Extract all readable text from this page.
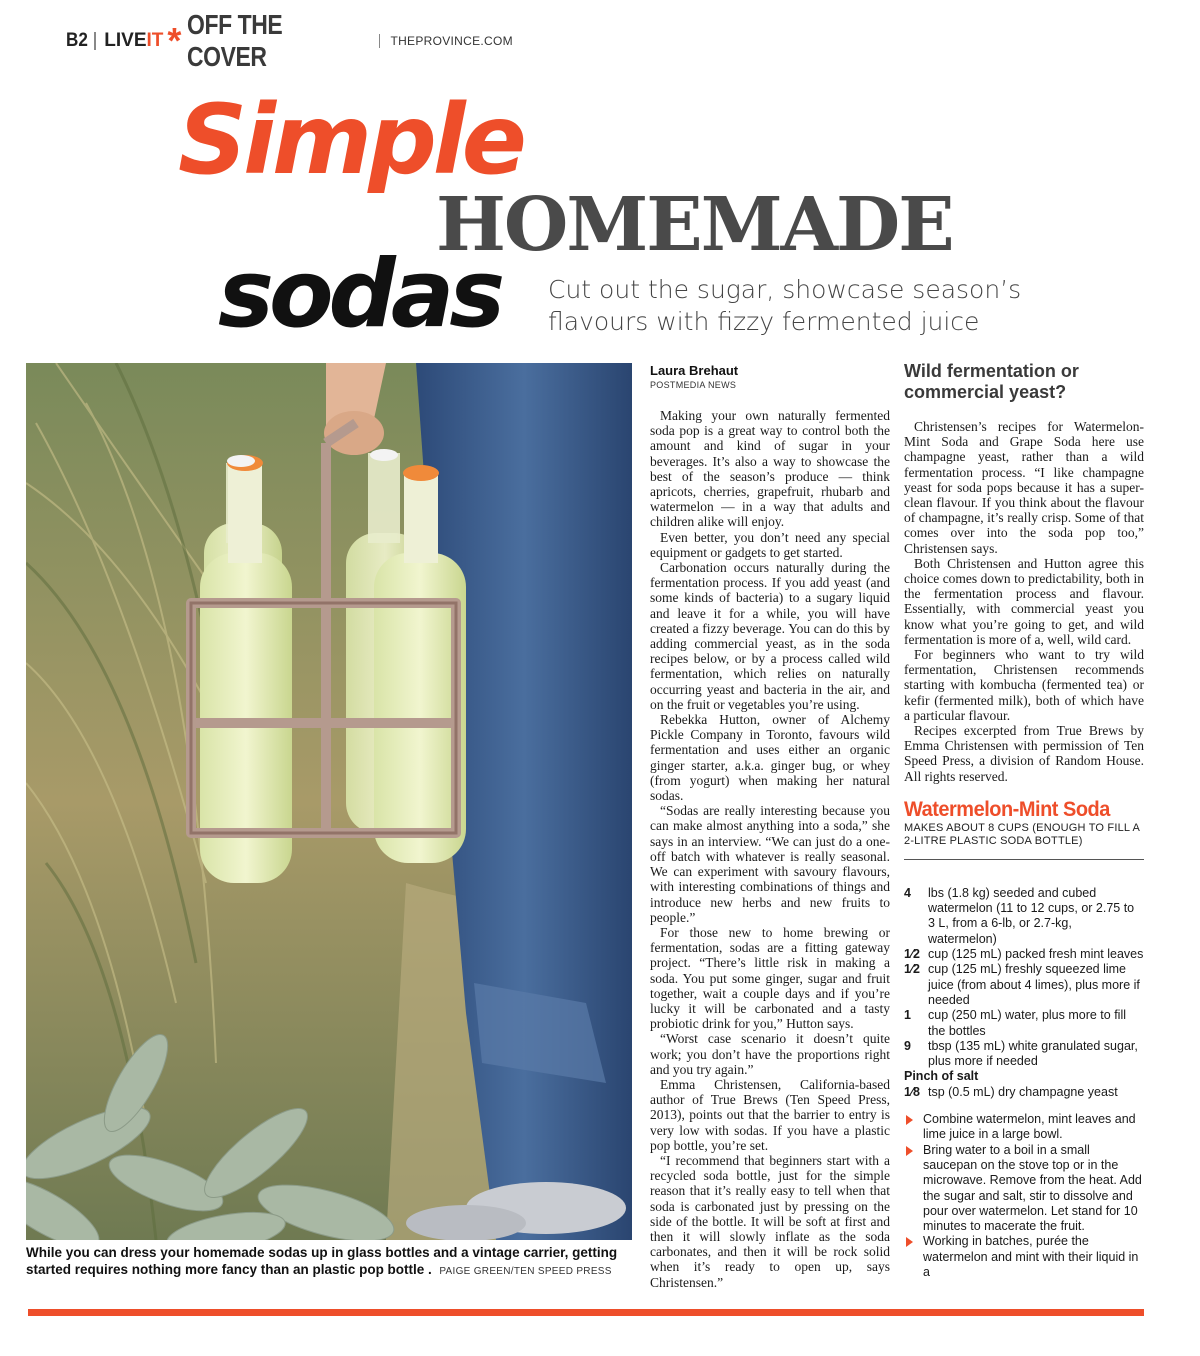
B2 LIVEIT * OFF THE COVER	THEPROVINCE.COM
Simple
HOMEMADE
sodas Cut out the sugar, showcase season’s flavours with fizzy fermented juice
While you can dress your homemade sodas up in glass bottles and a vintage carrier, getting started requires nothing more fancy than an plastic pop bottle . PAIGE GREEN/TEN SPEED PRESS
Laura Brehaut
POSTMEDIA NEWS

Making your own naturally fermented soda pop is a great way to control both the amount and kind of sugar in your beverages. It’s also a way to showcase the best of the season’s produce — think apricots, cherries, grapefruit, rhubarb and watermelon — in a way that adults and children alike will enjoy.

Even better, you don’t need any special equipment or gadgets to get started.

Carbonation occurs naturally during the fermentation process. If you add yeast (and some kinds of bacteria) to a sugary liquid and leave it for a while, you will have created a fizzy beverage. You can do this by adding commercial yeast, as in the soda recipes below, or by a process called wild fermentation, which relies on naturally occurring yeast and bacteria in the air, and on the fruit or vegetables you’re using.

Rebekka Hutton, owner of Alchemy Pickle Company in Toronto, favours wild fermentation and uses either an organic ginger starter, a.k.a. ginger bug, or whey (from yogurt) when making her natural sodas.

“Sodas are really interesting because you can make almost anything into a soda,” she says in an interview. “We can just do a one-off batch with whatever is really seasonal. We can experiment with savoury flavours, with interesting combinations of things and introduce new herbs and new fruits to people.”

For those new to home brewing or fermentation, sodas are a fitting gateway project. “There’s little risk in making a soda. You put some ginger, sugar and fruit together, wait a couple days and if you’re lucky it will be carbonated and a tasty probiotic drink for you,” Hutton says.

“Worst case scenario it doesn’t quite work; you don’t have the proportions right and you try again.”

Emma Christensen, California-based author of True Brews (Ten Speed Press, 2013), points out that the barrier to entry is very low with sodas. If you have a plastic pop bottle, you’re set.

“I recommend that beginners start with a recycled soda bottle, just for the simple reason that it’s really easy to tell when that soda is carbonated just by pressing on the side of the bottle. It will be soft at first and then it will slowly inflate as the soda carbonates, and then it will be rock solid when it’s ready to open up, says Christensen.”

Wild fermentation or commercial yeast?

Christensen’s recipes for Watermelon-Mint Soda and Grape Soda here use champagne yeast, rather than a wild fermentation process. “I like champagne yeast for soda pops because it has a super-clean flavour. If you think about the flavour of champagne, it’s really crisp. Some of that comes over into the soda pop too,” Christensen says.

Both Christensen and Hutton agree this choice comes down to predictability, both in the fermentation process and flavour. Essentially, with commercial yeast you know what you’re going to get, and wild fermentation is more of a, well, wild card.

For beginners who want to try wild fermentation, Christensen recommends starting with kombucha (fermented tea) or kefir (fermented milk), both of which have a particular flavour.

Recipes excerpted from True Brews by Emma Christensen with permission of Ten Speed Press, a division of Random House. All rights reserved.

Watermelon-Mint Soda
MAKES ABOUT 8 CUPS (ENOUGH TO FILL A 2-LITRE PLASTIC SODA BOTTLE)
4	lbs (1.8 kg) seeded and cubed watermelon (11 to 12 cups, or 2.75 to 3 L, from a 6-lb, or 2.7-kg, watermelon)
1⁄2 cup (125 mL) packed fresh mint leaves
1⁄2 cup (125 mL) freshly squeezed lime juice (from about 4 limes), plus more if needed
1	cup (250 mL) water, plus more to fill the bottles
9	tbsp (135 mL) white granulated sugar, plus more if needed
Pinch of salt
1⁄8 tsp (0.5 mL) dry champagne yeast
Combine watermelon, mint leaves and lime juice in a large bowl.
Bring water to a boil in a small saucepan on the stove top or in the microwave. Remove from the heat. Add the sugar and salt, stir to dissolve and pour over watermelon. Let stand for 10 minutes to macerate the fruit.
Working in batches, purée the watermelon and mint with their liquid in a
